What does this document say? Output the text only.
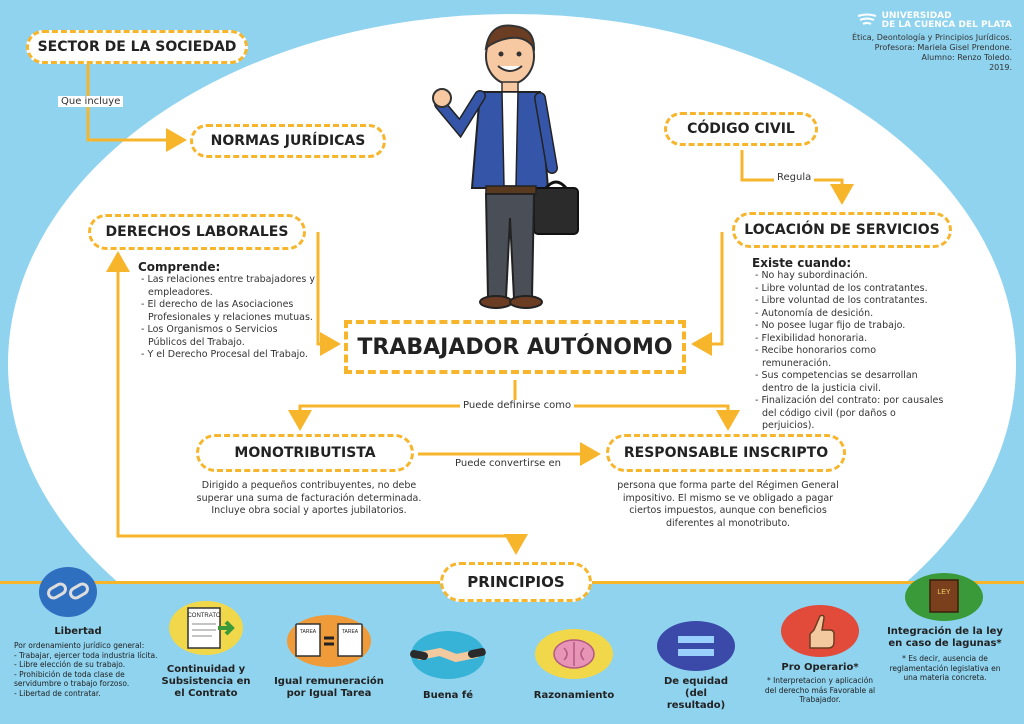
UNIVERSIDAD
DE LA CUENCA DEL PLATA
Ética, Deontología y Principios Jurídicos.
Profesora: Mariela Gisel Prendone.
Alumno: Renzo Toledo.
2019.
SECTOR DE LA SOCIEDAD
NORMAS JURÍDICAS
CÓDIGO CIVIL
DERECHOS LABORALES	LOCACIÓN DE SERVICIOS
TRABAJADOR AUTÓNOMO
MONOTRIBUTISTA	RESPONSABLE INSCRIPTO
PRINCIPIOS
Que incluye
Regula
Puede definirse como
Puede convertirse en
Comprende:
- Las relaciones entre trabajadores y empleadores.
- El derecho de las Asociaciones Profesionales y relaciones mutuas.
- Los Organismos o Servicios Públicos del Trabajo.
- Y el Derecho Procesal del Trabajo.
Existe cuando:
- No hay subordinación.
- Libre voluntad de los contratantes.
- Libre voluntad de los contratantes.
- Autonomía de desición.
- No posee lugar fijo de trabajo.
- Flexibilidad honoraria.
- Recibe honorarios como remuneración.
- Sus competencias se desarrollan dentro de la justicia civil.
- Finalización del contrato: por causales del código civil (por daños o perjuicios).
Dirigido a pequeños contribuyentes, no debe superar una suma de facturación determinada. Incluye obra social y aportes jubilatorios.
persona que forma parte del Régimen General impositivo. El mismo se ve obligado a pagar ciertos impuestos, aunque con beneficios diferentes al monotributo.
CONTRATO
TAREA	TAREA
LEY
Libertad
Por ordenamiento jurídico general:
- Trabajar, ejercer toda industria lícita.
- Libre elección de su trabajo.
- Prohibición de toda clase de servidumbre o trabajo forzoso.
- Libertad de contratar.
Continuidad y Subsistencia en el Contrato
Igual remuneración por Igual Tarea	Buena fé	Razonamiento
De equidad (del resultado)
Pro Operario*
* Interpretacion y aplicación del derecho más Favorable al Trabajador.
Integración de la ley en caso de lagunas*
* Es decir, ausencia de reglamentación legislativa en una materia concreta.
